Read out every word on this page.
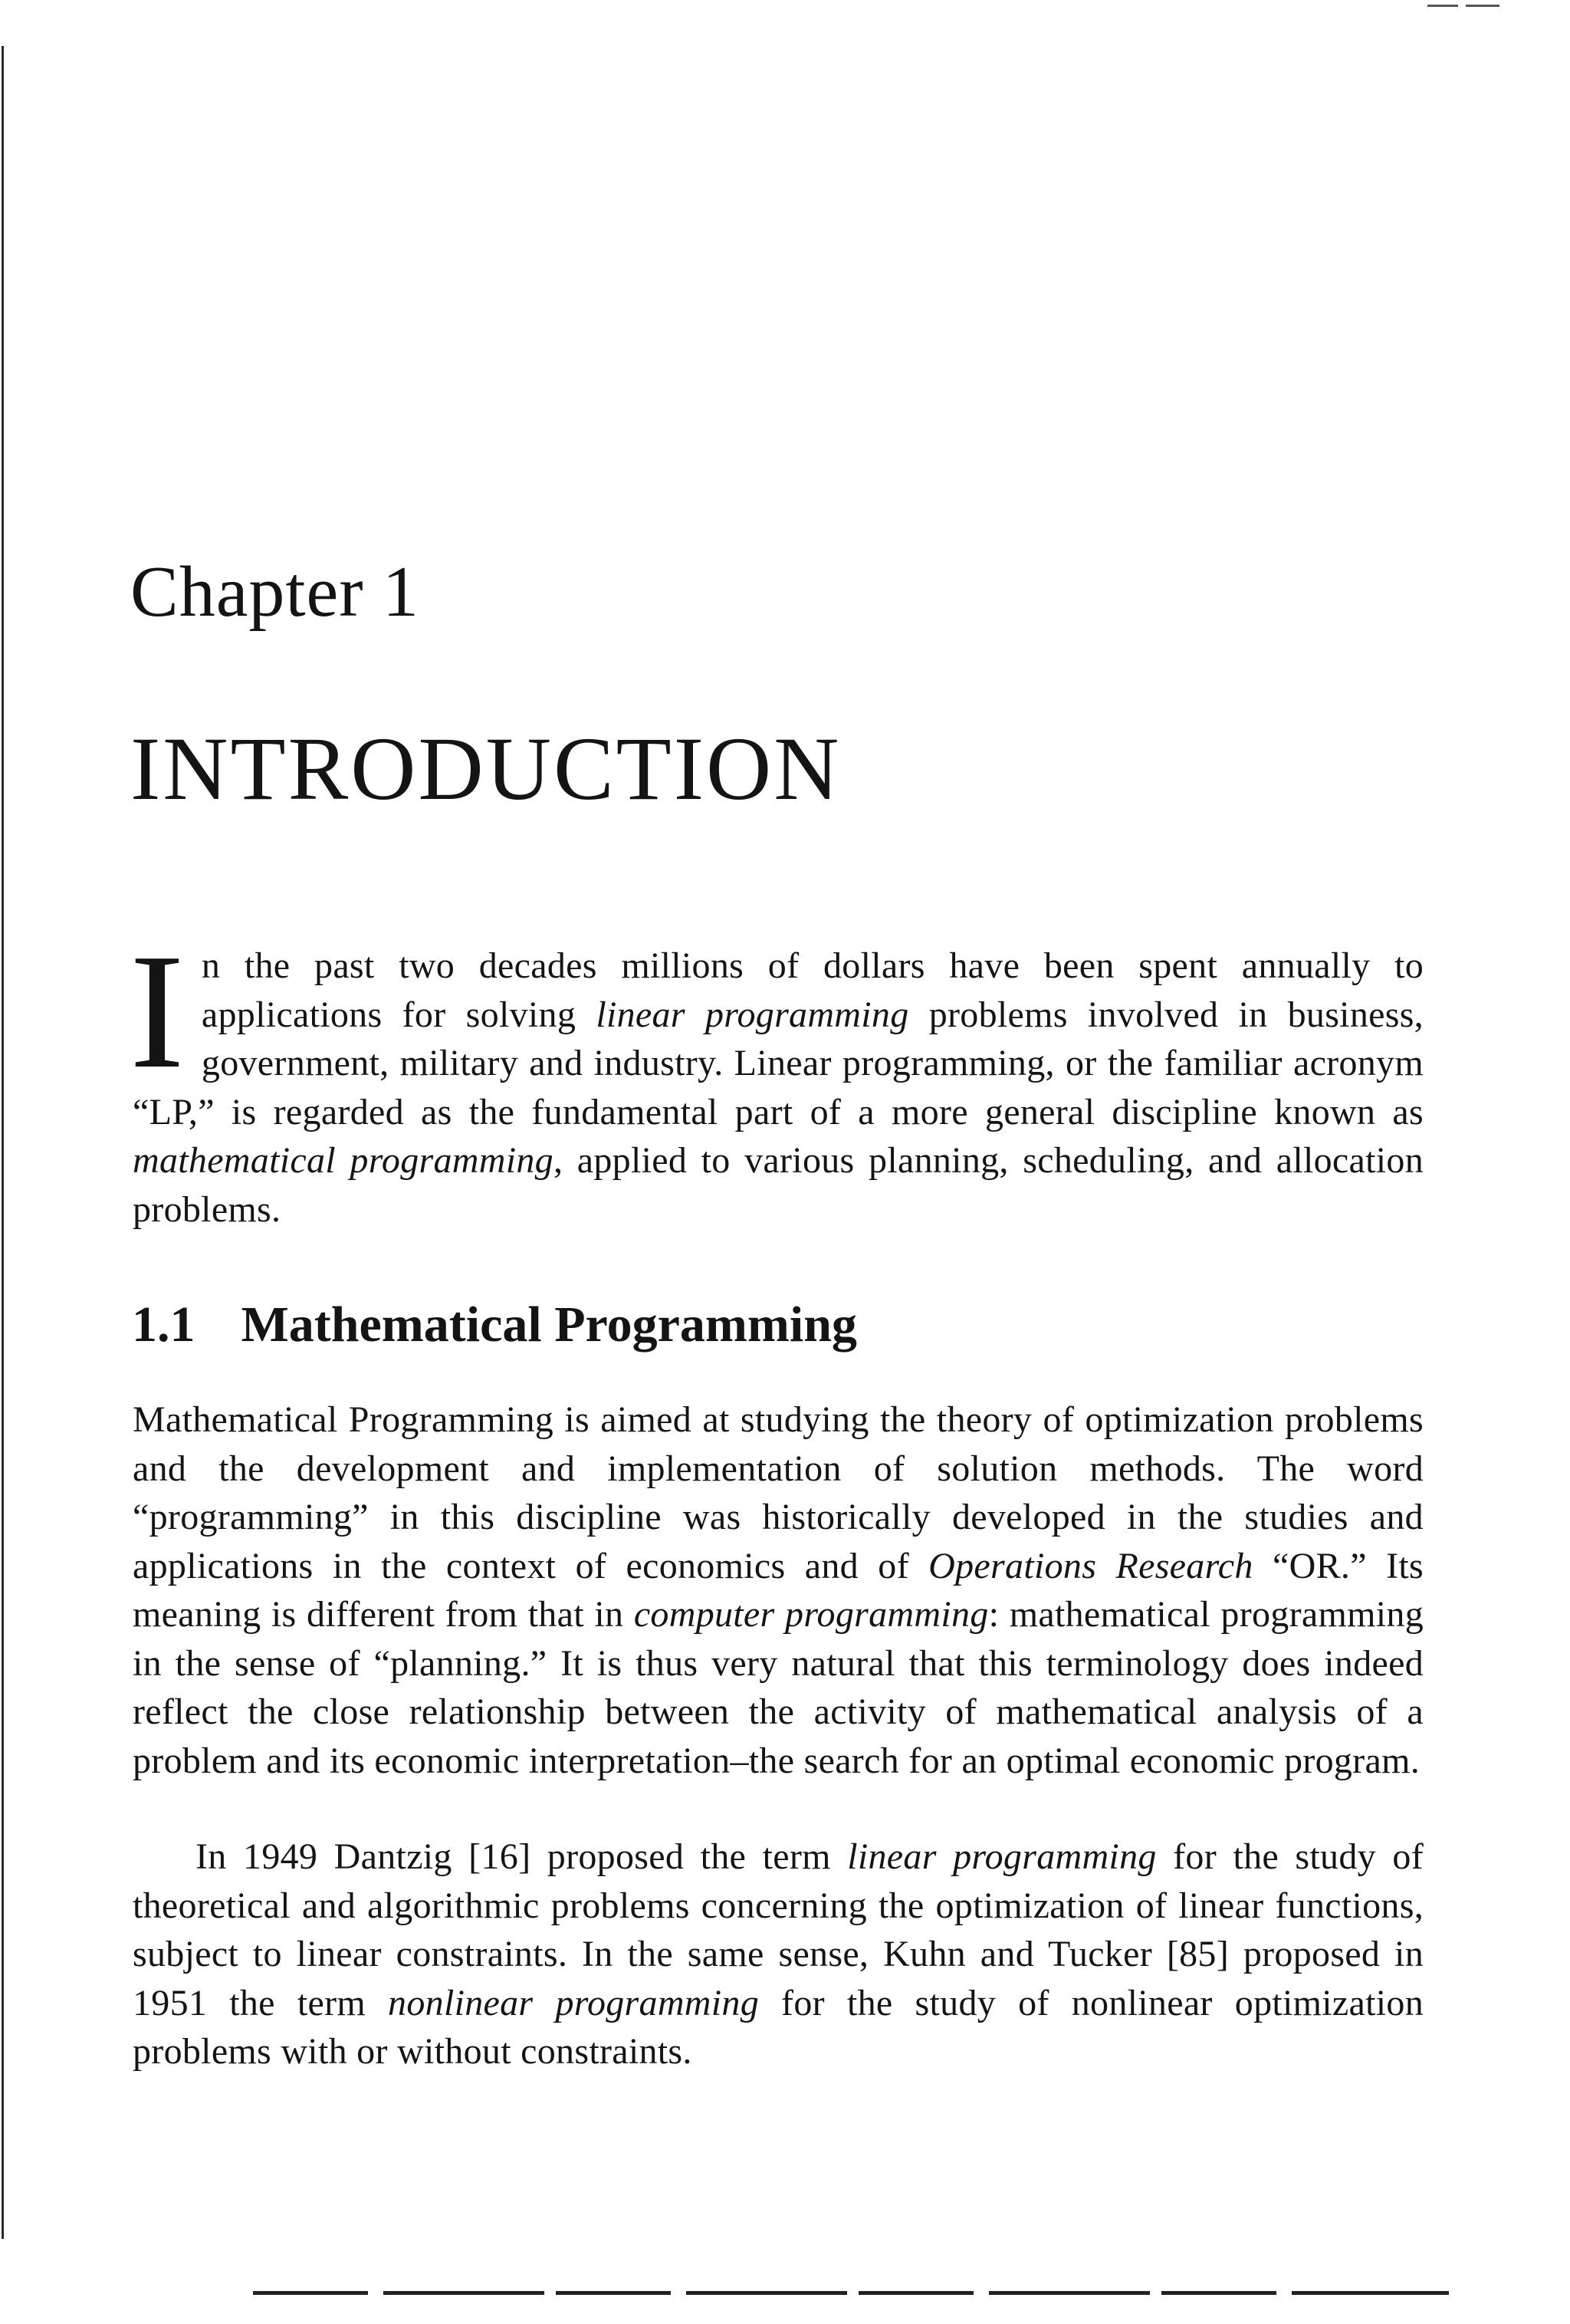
Chapter 1
INTRODUCTION
In the past two decades millions of dollars have been spent annually to applications for solving linear programming problems involved in business, government, military and industry. Linear programming, or the familiar acronym “LP,” is regarded as the fundamental part of a more general discipline known as mathematical programming, applied to various planning, scheduling, and allocation problems.
1.1 Mathematical Programming
Mathematical Programming is aimed at studying the theory of optimization problems and the development and implementation of solution methods. The word “programming” in this discipline was historically developed in the studies and applications in the context of economics and of Operations Research “OR.” Its meaning is different from that in computer programming: mathematical programming in the sense of “planning.” It is thus very natural that this terminology does indeed reflect the close relationship between the activity of mathematical analysis of a problem and its economic interpretation–the search for an optimal economic program.
In 1949 Dantzig [16] proposed the term linear programming for the study of theoretical and algorithmic problems concerning the optimization of linear functions, subject to linear constraints. In the same sense, Kuhn and Tucker [85] proposed in 1951 the term nonlinear programming for the study of nonlinear optimization problems with or without constraints.
